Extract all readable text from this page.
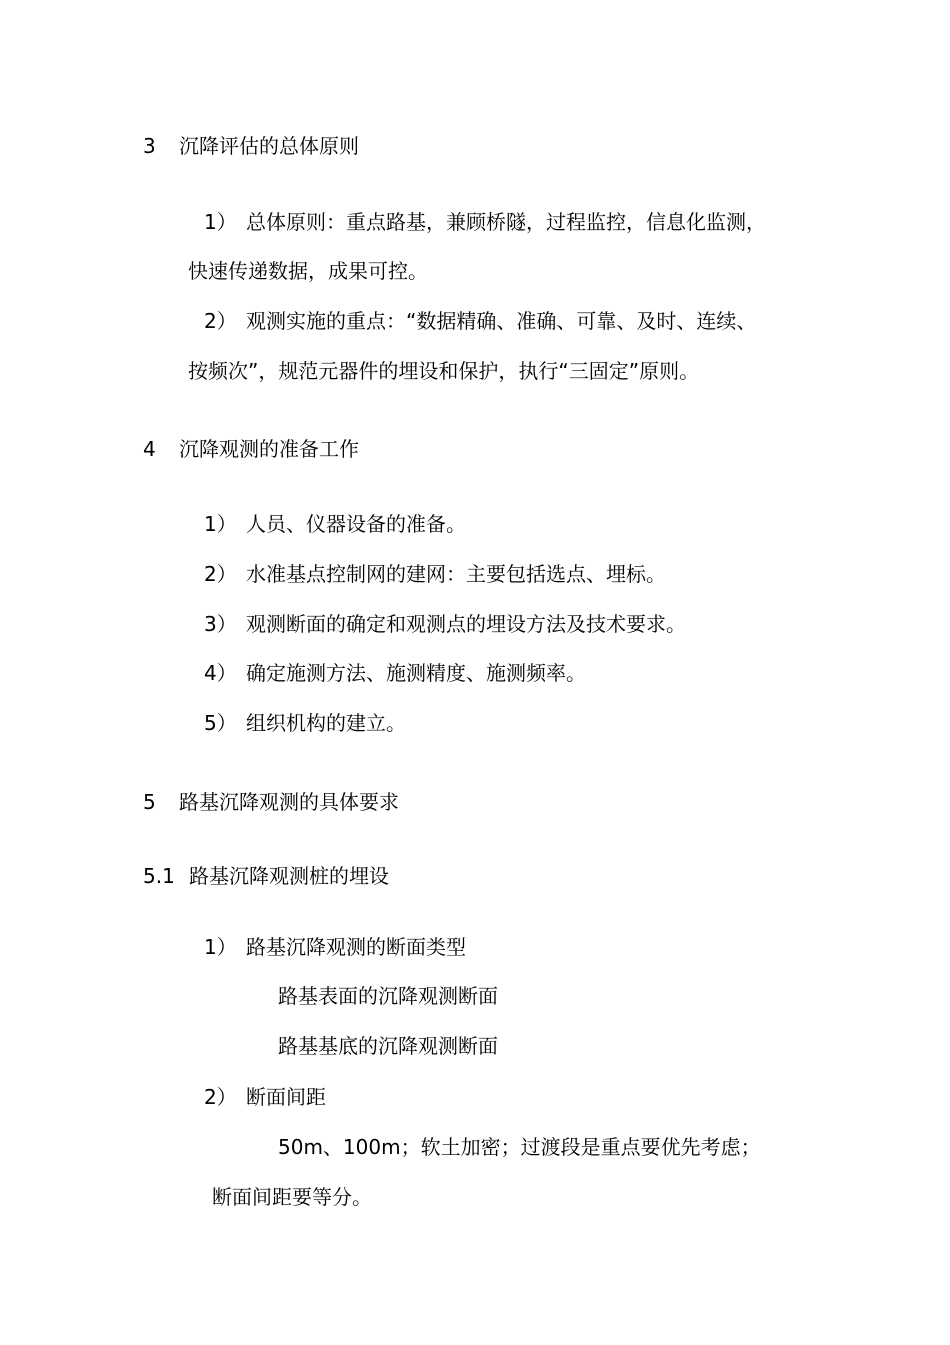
3 沉降评估的总体原则
1） 总体原则：重点路基，兼顾桥隧，过程监控，信息化监测，
快速传递数据，成果可控。
2） 观测实施的重点：“数据精确、准确、可靠、及时、连续、
按频次”，规范元器件的埋设和保护，执行“三固定”原则。
4 沉降观测的准备工作
1） 人员、仪器设备的准备。
2） 水准基点控制网的建网：主要包括选点、埋标。
3） 观测断面的确定和观测点的埋设方法及技术要求。
4） 确定施测方法、施测精度、施测频率。
5） 组织机构的建立。
5 路基沉降观测的具体要求
5.1 路基沉降观测桩的埋设
1） 路基沉降观测的断面类型
路基表面的沉降观测断面
路基基底的沉降观测断面
2） 断面间距
50m、100m；软土加密；过渡段是重点要优先考虑；
断面间距要等分。
